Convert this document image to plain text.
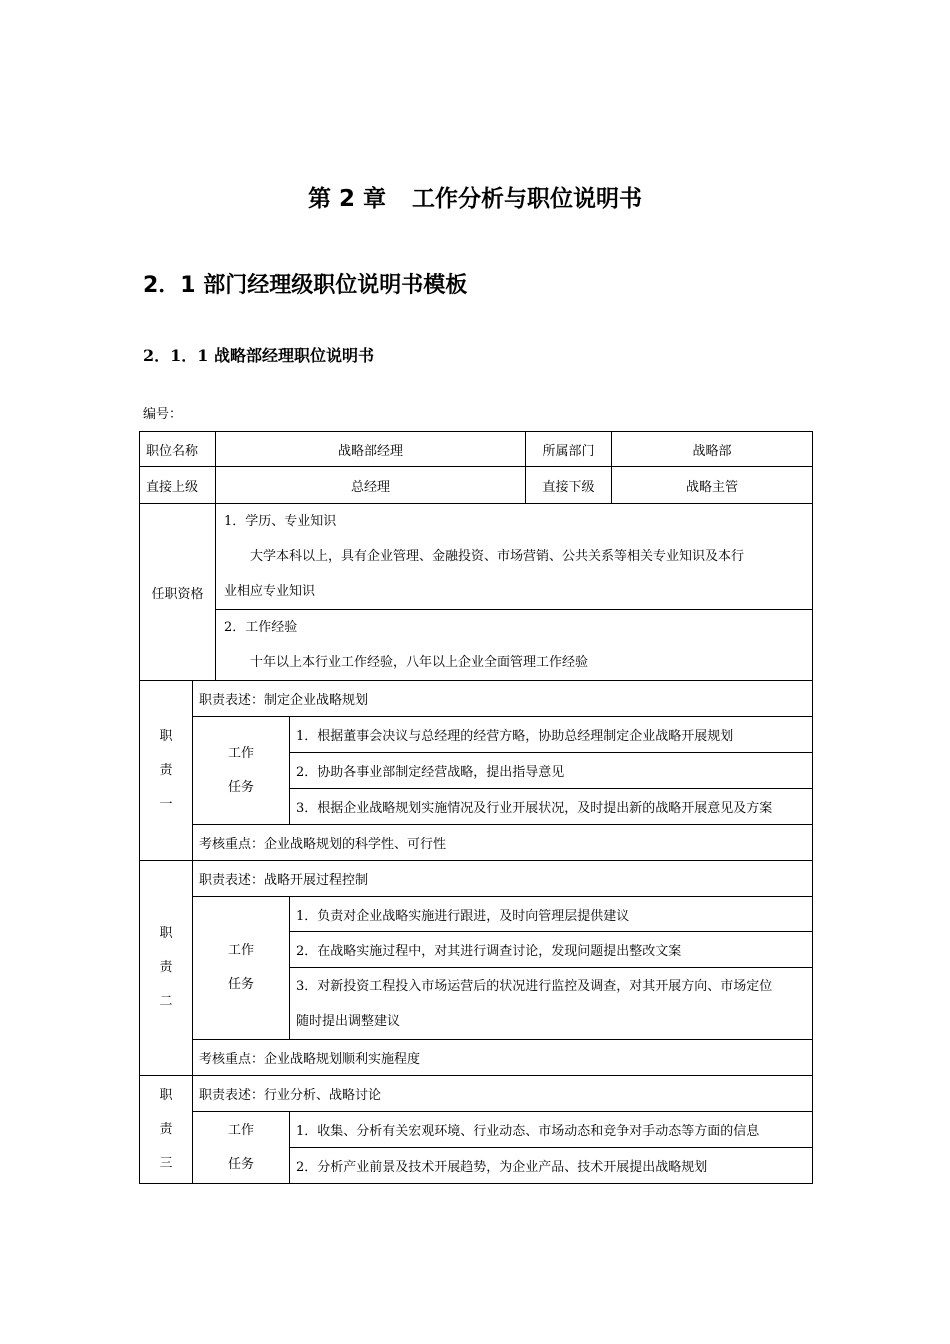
第 2 章 工作分析与职位说明书
2．1 部门经理级职位说明书模板
2．1．1 战略部经理职位说明书
编号：
职位名称		战略部经理		所属部门	战略部
直接上级		总经理		直接下级	战略主管
任职资格		1．学历、专业知识
大学本科以上，具有企业管理、金融投资、市场营销、公共关系等相关专业知识及本行
业相应专业知识			

		2．工作经验
十年以上本行业工作经验，八年以上企业全面管理工作经验			

职
责
一	职责表述：制定企业战略规划				

	工作
任务		1．根据董事会决议与总经理的经营方略，协助总经理制定企业战略开展规划		
			2．协助各事业部制定经营战略，提出指导意见		
			3．根据企业战略规划实施情况及行业开展状况，及时提出新的战略开展意见及方案		
	考核重点：企业战略规划的科学性、可行性				

职
责
二	职责表述：战略开展过程控制				

	工作
任务		1．负责对企业战略实施进行跟进，及时向管理层提供建议		
			2．在战略实施过程中，对其进行调查讨论，发现问题提出整改文案		

			3．对新投资工程投入市场运营后的状况进行监控及调查，对其开展方向、市场定位
随时提出调整建议		

	考核重点：企业战略规划顺利实施程度				

职
责
三	职责表述：行业分析、战略讨论				

	工作
任务		1．收集、分析有关宏观环境、行业动态、市场动态和竞争对手动态等方面的信息		
			2．分析产业前景及技术开展趋势，为企业产品、技术开展提出战略规划		
